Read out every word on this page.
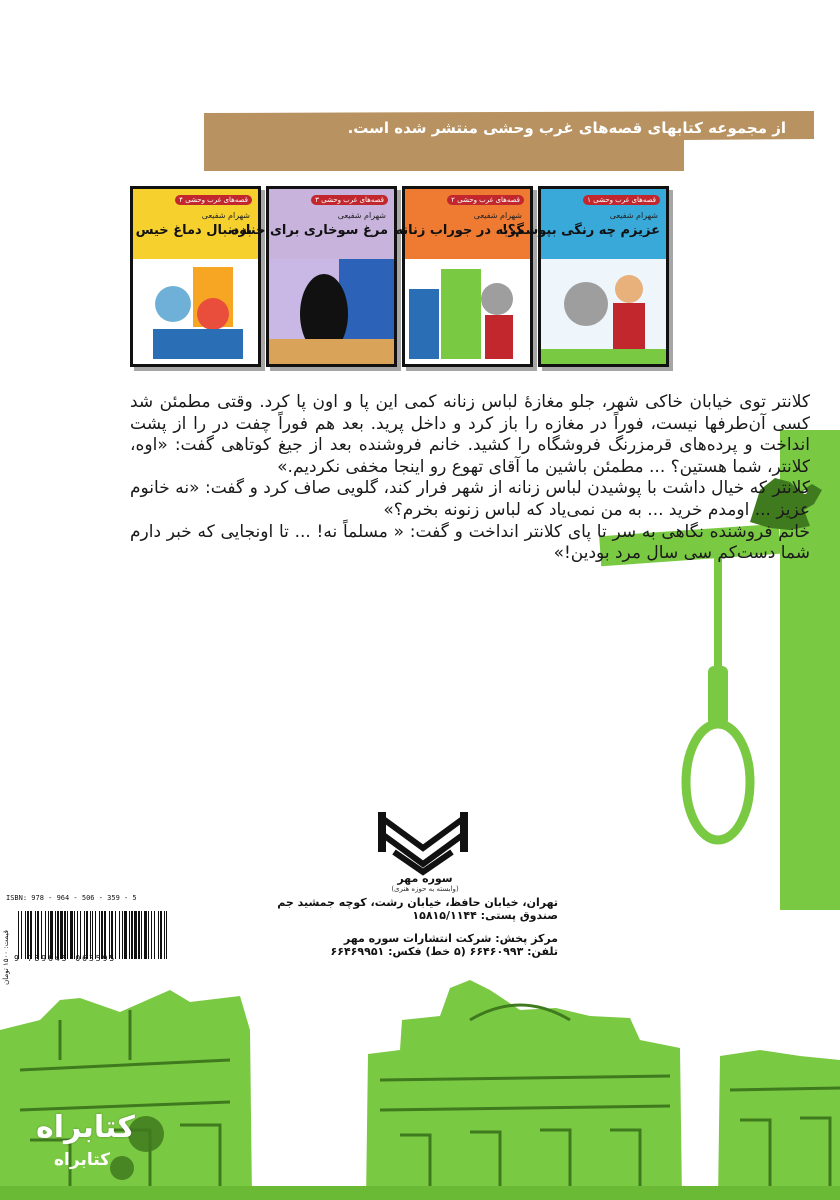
از مجموعه کتابهای قصه‌های غرب وحشی منتشر شده است.
قصه‌های غرب وحشی ۴
شهرام شفیعی
به‌دنبال دماغ خیس
قصه‌های غرب وحشی ۳
شهرام شفیعی
مرغ سوخاری برای جنازه
قصه‌های غرب وحشی ۲
شهرام شفیعی
گربه در جوراب زنانه
قصه‌های غرب وحشی ۱
شهرام شفیعی
عزیزم چه رنگی بپوشم؟!

کلانتر توی خیابان خاکی شهر، جلو مغازهٔ لباس زنانه کمی این پا و اون پا کرد. وقتی مطمئن شد کسی آن‌طرفها نیست، فوراً در مغازه را باز کرد و داخل پرید. بعد هم فوراً چفت در را از پشت انداخت و پرده‌های قرمزرنگ فروشگاه را کشید. خانم فروشنده بعد از جیغ کوتاهی گفت: «اوه، کلانتر، شما هستین؟ ... مطمئن باشین ما آقای تهوع رو اینجا مخفی نکردیم.»

کلانتر که خیال داشت با پوشیدن لباس زنانه از شهر فرار کند، گلویی صاف کرد و گفت: «نه خانوم عزیز ... اومدم خرید ... به من نمی‌یاد که لباس زنونه بخرم؟»

خانم فروشنده نگاهی به سر تا پای کلانتر انداخت و گفت: « مسلماً نه! ... تا اونجایی که خبر دارم شما دست‌کم سی سال مرد بودین!»

سوره مهر
(وابسته به حوزه هنری)
تهران، خیابان حافظ، خیابان رشت، کوچه جمشید جم
صندوق پستی: ۱۵۸۱۵/۱۱۴۴
مرکز پخش: شرکت انتشارات سوره مهر
تلفن: ۶۶۴۶۰۹۹۳ (۵ خط) فکس: ۶۶۴۶۹۹۵۱
ISBN: 978 - 964 - 506 - 359 - 5
9 789645 063595
قیمت: ۱۵۰۰ تومان
کتابراه
کتابراه
